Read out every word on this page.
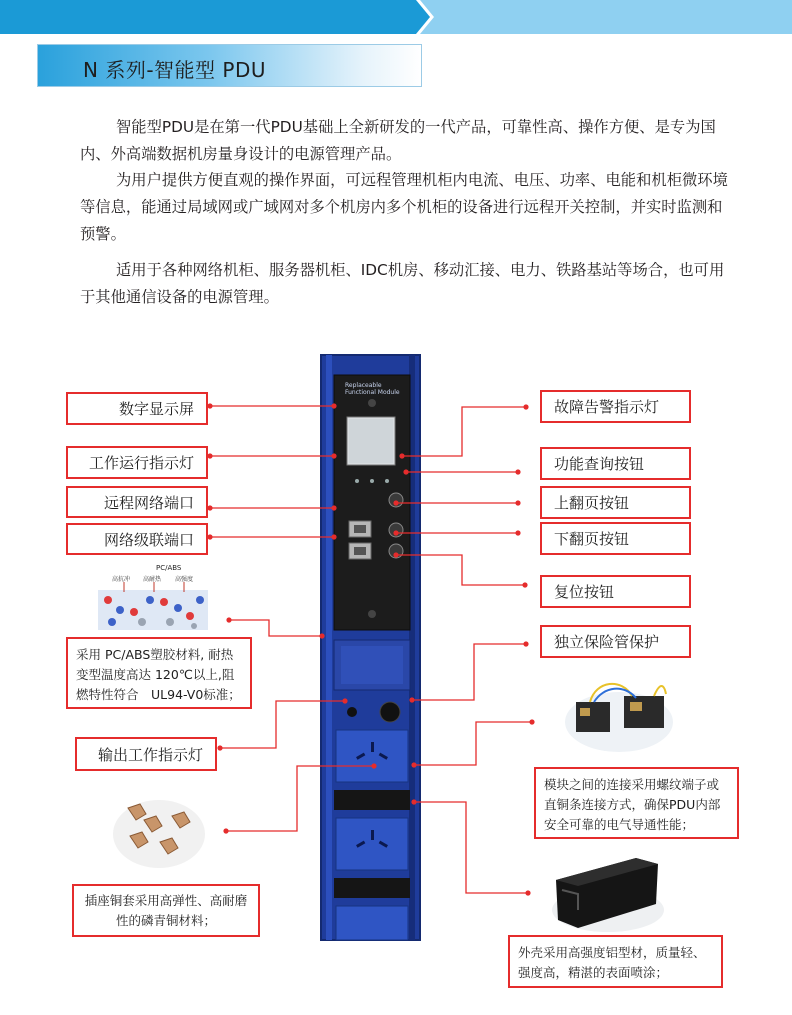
N 系列-智能型 PDU

智能型PDU是在第一代PDU基础上全新研发的一代产品，可靠性高、操作方便、是专为国内、外高端数据机房量身设计的电源管理产品。

为用户提供方便直观的操作界面，可远程管理机柜内电流、电压、功率、电能和机柜微环境等信息，能通过局域网或广域网对多个机房内多个机柜的设备进行远程开关控制，并实时监测和预警。

适用于各种网络机柜、服务器机柜、IDC机房、移动汇接、电力、铁路基站等场合，也可用于其他通信设备的电源管理。

Replaceable Functional Module
数字显示屏
工作运行指示灯
远程网络端口
网络级联端口
输出工作指示灯
故障告警指示灯
功能查询按钮
上翻页按钮
下翻页按钮
复位按钮
独立保险管保护
PC/ABS
高抗冲 高耐热 高强度
采用 PC/ABS塑胶材料, 耐热变型温度高达 120℃以上,阻燃特性符合　UL94-V0标准；
插座铜套采用高弹性、高耐磨性的磷青铜材料；
模块之间的连接采用螺纹端子或直铜条连接方式，确保PDU内部安全可靠的电气导通性能；
外壳采用高强度铝型材，质量轻、强度高，精湛的表面喷涂；
